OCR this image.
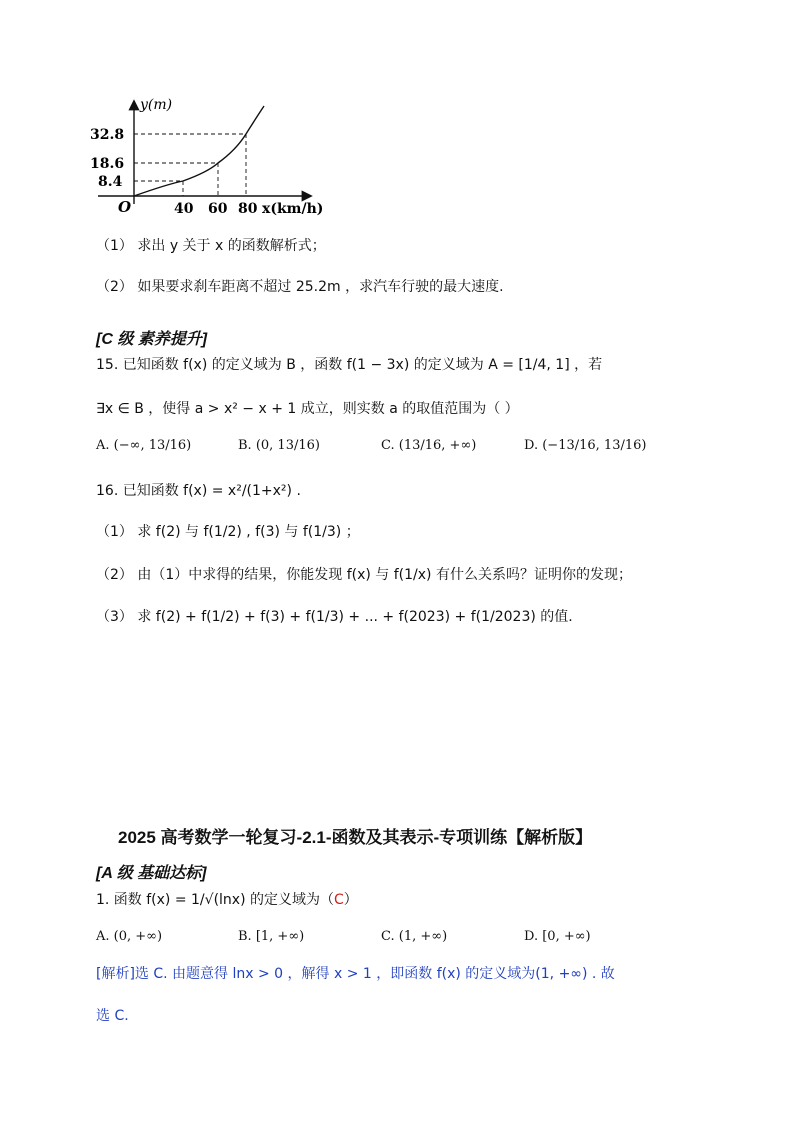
y(m)
x(km/h)
O
32.8
18.6
8.4
40 60 80
（1） 求出 y 关于 x 的函数解析式；
（2） 如果要求刹车距离不超过 25.2m ，求汽车行驶的最大速度.
[C 级 素养提升]
15. 已知函数 f(x) 的定义域为 B ，函数 f(1 − 3x) 的定义域为 A = [1/4, 1] ，若
∃x ∈ B ，使得 a > x² − x + 1 成立，则实数 a 的取值范围为（ ）
A. (−∞, 13/16)	B. (0, 13/16)	C. (13/16, +∞)	D. (−13/16, 13/16)
16. 已知函数 f(x) = x²/(1+x²) .
（1） 求 f(2) 与 f(1/2) , f(3) 与 f(1/3) ；
（2） 由（1）中求得的结果，你能发现 f(x) 与 f(1/x) 有什么关系吗？证明你的发现；
（3） 求 f(2) + f(1/2) + f(3) + f(1/3) + ... + f(2023) + f(1/2023) 的值.
2025 高考数学一轮复习-2.1-函数及其表示-专项训练【解析版】
[A 级 基础达标]
1. 函数 f(x) = 1/√(lnx) 的定义域为（C）
A. (0, +∞)	B. [1, +∞)	C. (1, +∞)	D. [0, +∞)
[解析]选 C. 由题意得 lnx > 0 ，解得 x > 1 ，即函数 f(x) 的定义域为(1, +∞) . 故
选 C.
